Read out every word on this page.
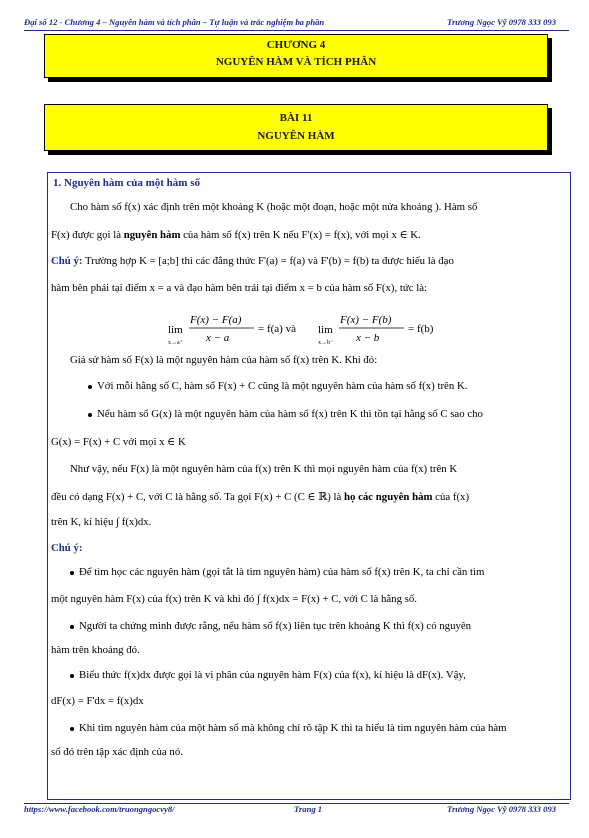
Đại số 12 - Chương 4 – Nguyên hàm và tích phân – Tự luận và trắc nghiệm ba phần	Trương Ngọc Vỹ 0978 333 093
CHƯƠNG 4
NGUYÊN HÀM VÀ TÍCH PHÂN
BÀI 11
NGUYÊN HÀM
1. Nguyên hàm của một hàm số
Cho hàm số f(x) xác định trên một khoảng K (hoặc một đoạn, hoặc một nửa khoảng ). Hàm số
F(x) được gọi là nguyên hàm của hàm số f(x) trên K nếu F'(x) = f(x), với mọi x ∈ K.
Chú ý: Trường hợp K = [a;b] thì các đẳng thức F'(a) = f(a) và F'(b) = f(b) ta được hiểu là đạo
hàm bên phải tại điểm x = a và đạo hàm bên trái tại điểm x = b của hàm số F(x), tức là:
lim
x→a⁺
F(x) − F(a)
x − a
= f(a) và lim
x→b⁻
F(x) − F(b)
x − b
= f(b)
Giả sử hàm số F(x) là một nguyên hàm của hàm số f(x) trên K. Khi đó:
Với mỗi hằng số C, hàm số F(x) + C cũng là một nguyên hàm của hàm số f(x) trên K.
Nếu hàm số G(x) là một nguyên hàm của hàm số f(x) trên K thì tồn tại hằng số C sao cho
G(x) = F(x) + C với mọi x ∈ K
Như vậy, nếu F(x) là một nguyên hàm của f(x) trên K thì mọi nguyên hàm của f(x) trên K
đều có dạng F(x) + C, với C là hằng số. Ta gọi F(x) + C (C ∈ ℝ) là họ các nguyên hàm của f(x)
trên K, kí hiệu ∫ f(x)dx.
Chú ý:
Để tìm học các nguyên hàm (gọi tắt là tìm nguyên hàm) của hàm số f(x) trên K, ta chỉ cần tìm
một nguyên hàm F(x) của f(x) trên K và khi đó ∫ f(x)dx = F(x) + C, với C là hằng số.
Người ta chứng minh được rằng, nếu hàm số f(x) liên tục trên khoảng K thì f(x) có nguyên
hàm trên khoảng đó.
Biểu thức f(x)dx được gọi là vi phân của nguyên hàm F(x) của f(x), kí hiệu là dF(x). Vậy,
dF(x) = F'dx = f(x)dx
Khi tìm nguyên hàm của một hàm số mà không chỉ rõ tập K thì ta hiểu là tìm nguyên hàm của hàm
số đó trên tập xác định của nó.
https://www.facebook.com/truongngocvy8/	Trang 1	Trương Ngọc Vỹ 0978 333 093
